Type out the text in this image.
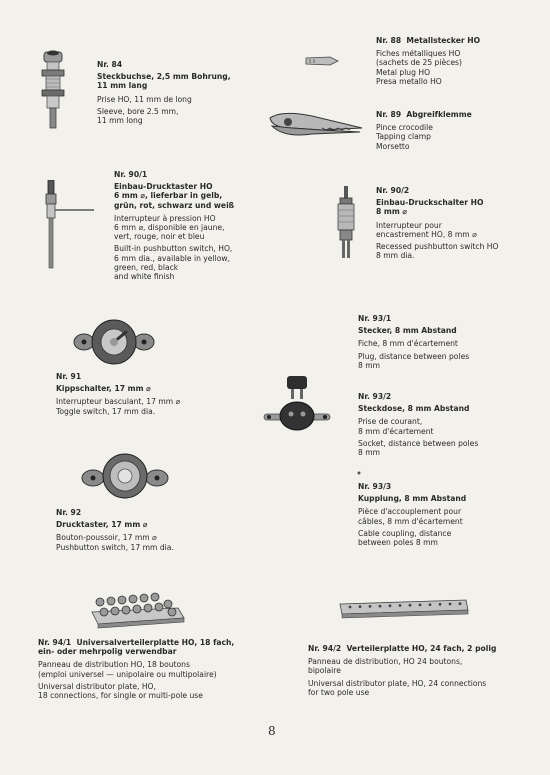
Nr. 84
Steckbuchse, 2,5 mm Bohrung,
11 mm lang
Prise HO, 11 mm de long
Sleeve, bore 2.5 mm,
11 mm long
Nr. 88 Metallstecker HO
Fiches métalliques HO
(sachets de 25 pièces)
Metal plug HO
Presa metallo HO
Nr. 89 Abgreifklemme
Pince crocodile
Tapping clamp
Morsetto
Nr. 90/1
Einbau-Drucktaster HO
6 mm ⌀, lieferbar in gelb,
grün, rot, schwarz und weiß
Interrupteur à pression HO
6 mm ⌀, disponible en jaune,
vert, rouge, noir et bleu
Built-in pushbutton switch, HO,
6 mm dia., available in yellow,
green, red, black
and white finish
Nr. 90/2
Einbau-Druckschalter HO
8 mm ⌀
Interrupteur pour
encastrement HO, 8 mm ⌀
Recessed pushbutton switch HO
8 mm dia.
Nr. 91
Kippschalter, 17 mm ⌀
Interrupteur basculant, 17 mm ⌀
Toggle switch, 17 mm dia.
Nr. 92
Drucktaster, 17 mm ⌀
Bouton-poussoir, 17 mm ⌀
Pushbutton switch, 17 mm dia.
Nr. 93/1
Stecker, 8 mm Abstand
Fiche, 8 mm d'écartement
Plug, distance between poles
8 mm
Nr. 93/2
Steckdose, 8 mm Abstand
Prise de courant,
8 mm d'écartement
Socket, distance between poles
8 mm
Nr. 93/3
Kupplung, 8 mm Abstand
Pièce d'accouplement pour
câbles, 8 mm d'écartement
Cable coupling, distance
between poles 8 mm
Nr. 94/1 Universalverteilerplatte HO, 18 fach,
ein- oder mehrpolig verwendbar
Panneau de distribution HO, 18 boutons
(emploi universel — unipolaire ou multipolaire)
Universal distributor plate, HO,
18 connections, for single or multi-pole use
Nr. 94/2 Verteilerplatte HO, 24 fach, 2 polig
Panneau de distribution, HO 24 boutons,
bipolaire
Universal distributor plate, HO, 24 connections
for two pole use
8
